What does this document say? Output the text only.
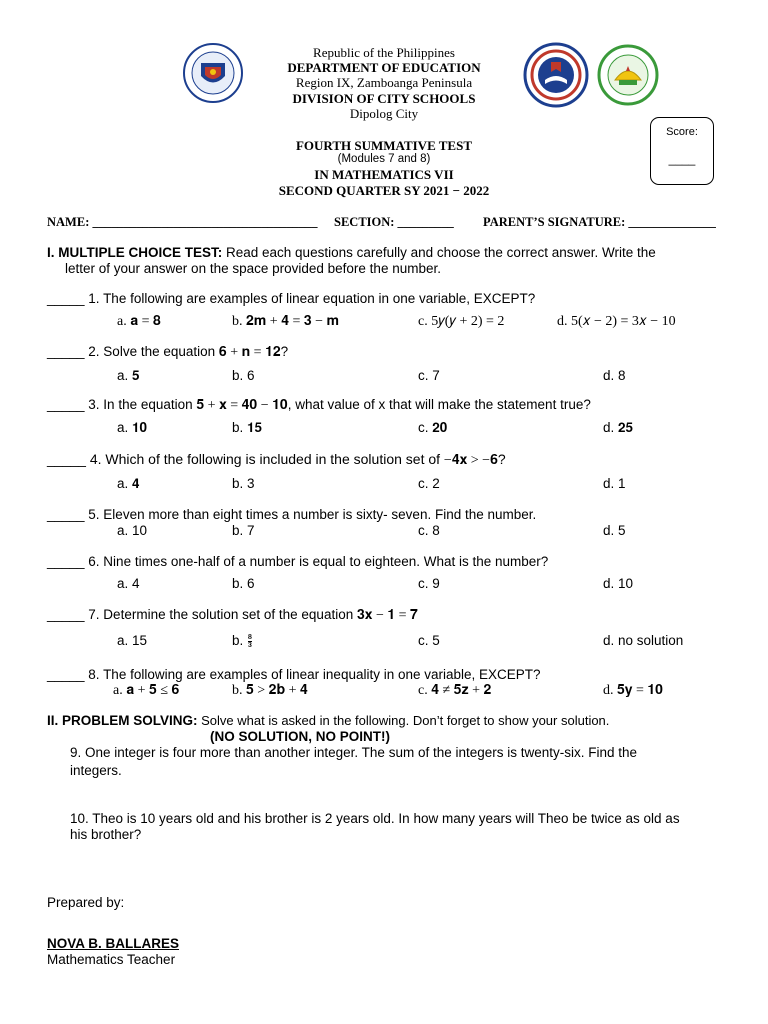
Republic of the Philippines
DEPARTMENT OF EDUCATION
Region IX, Zamboanga Peninsula
DIVISION OF CITY SCHOOLS
Dipolog City
FOURTH SUMMATIVE TEST
(Modules 7 and 8)
IN MATHEMATICS VII
SECOND QUARTER SY 2021 − 2022
Score:
____
NAME: ____________________________________ SECTION: _________ PARENT’S SIGNATURE: ______________
I. MULTIPLE CHOICE TEST: Read each questions carefully and choose the correct answer. Write the
letter of your answer on the space provided before the number.
_____ 1. The following are examples of linear equation in one variable, EXCEPT?
a. 𝐚 = 𝟖	b. 𝟐𝐦 + 𝟒 = 𝟑 − 𝐦	c. 5𝑦(𝑦 + 2) = 2	d. 5(𝑥 − 2) = 3𝑥 − 10
_____ 2. Solve the equation 𝟔 + 𝐧 = 𝟏𝟐?
a. 𝟓	b. 6	c. 7	d. 8
_____ 3. In the equation 𝟓 + 𝐱 = 𝟒𝟎 − 𝟏𝟎, what value of x that will make the statement true?
a. 𝟏𝟎	b. 𝟏𝟓	c. 𝟐𝟎	d. 𝟐𝟓
_____ 4. Which of the following is included in the solution set of −𝟒𝐱 > −𝟔?
a. 𝟒	b. 3	c. 2	d. 1
_____ 5. Eleven more than eight times a number is sixty- seven. Find the number.
a. 10	b. 7	c. 8	d. 5
_____ 6. Nine times one-half of a number is equal to eighteen. What is the number?
a. 4	b. 6	c. 9	d. 10
_____ 7. Determine the solution set of the equation 𝟑𝐱 − 𝟏 = 𝟕
a. 15	b. 𝟖
𝟑	c. 5	d. no solution
_____ 8. The following are examples of linear inequality in one variable, EXCEPT?
a. 𝐚 + 𝟓 ≤ 𝟔	b. 𝟓 > 𝟐𝐛 + 𝟒	c. 𝟒 ≠ 𝟓𝐳 + 𝟐	d. 𝟓𝐲 = 𝟏𝟎
II. PROBLEM SOLVING: Solve what is asked in the following. Don’t forget to show your solution.
(NO SOLUTION, NO POINT!)
9. One integer is four more than another integer. The sum of the integers is twenty-six. Find the
integers.
10. Theo is 10 years old and his brother is 2 years old. In how many years will Theo be twice as old as
his brother?
Prepared by:
NOVA B. BALLARES
Mathematics Teacher
